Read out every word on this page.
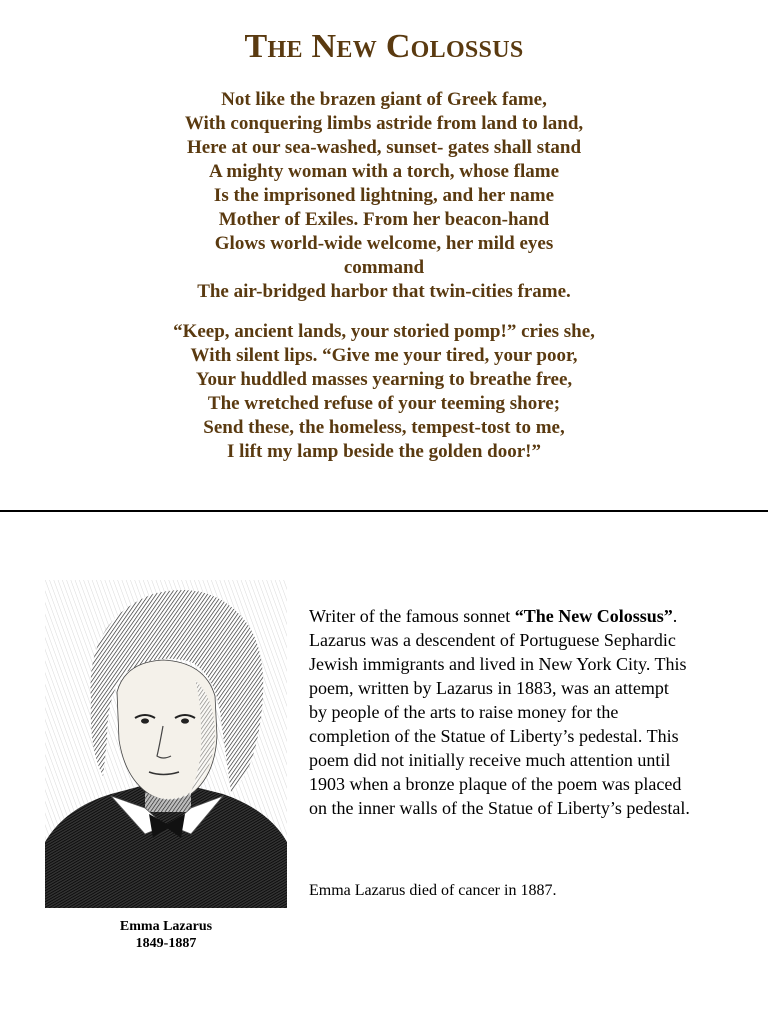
The New Colossus
Not like the brazen giant of Greek fame,
With conquering limbs astride from land to land,
Here at our sea-washed, sunset- gates shall stand
A mighty woman with a torch, whose flame
Is the imprisoned lightning, and her name
Mother of Exiles. From her beacon-hand
Glows world-wide welcome, her mild eyes
command
The air-bridged harbor that twin-cities frame.
“Keep, ancient lands, your storied pomp!” cries she,
With silent lips. “Give me your tired, your poor,
Your huddled masses yearning to breathe free,
The wretched refuse of your teeming shore;
Send these, the homeless, tempest-tost to me,
I lift my lamp beside the golden door!”
Emma Lazarus
1849-1887
Writer of the famous sonnet “The New Colossus”.
Lazarus was a descendent of Portuguese Sephardic
Jewish immigrants and lived in New York City. This
poem, written by Lazarus in 1883, was an attempt
by people of the arts to raise money for the
completion of the Statue of Liberty’s pedestal. This
poem did not initially receive much attention until
1903 when a bronze plaque of the poem was placed
on the inner walls of the Statue of Liberty’s pedestal.
Emma Lazarus died of cancer in 1887.
